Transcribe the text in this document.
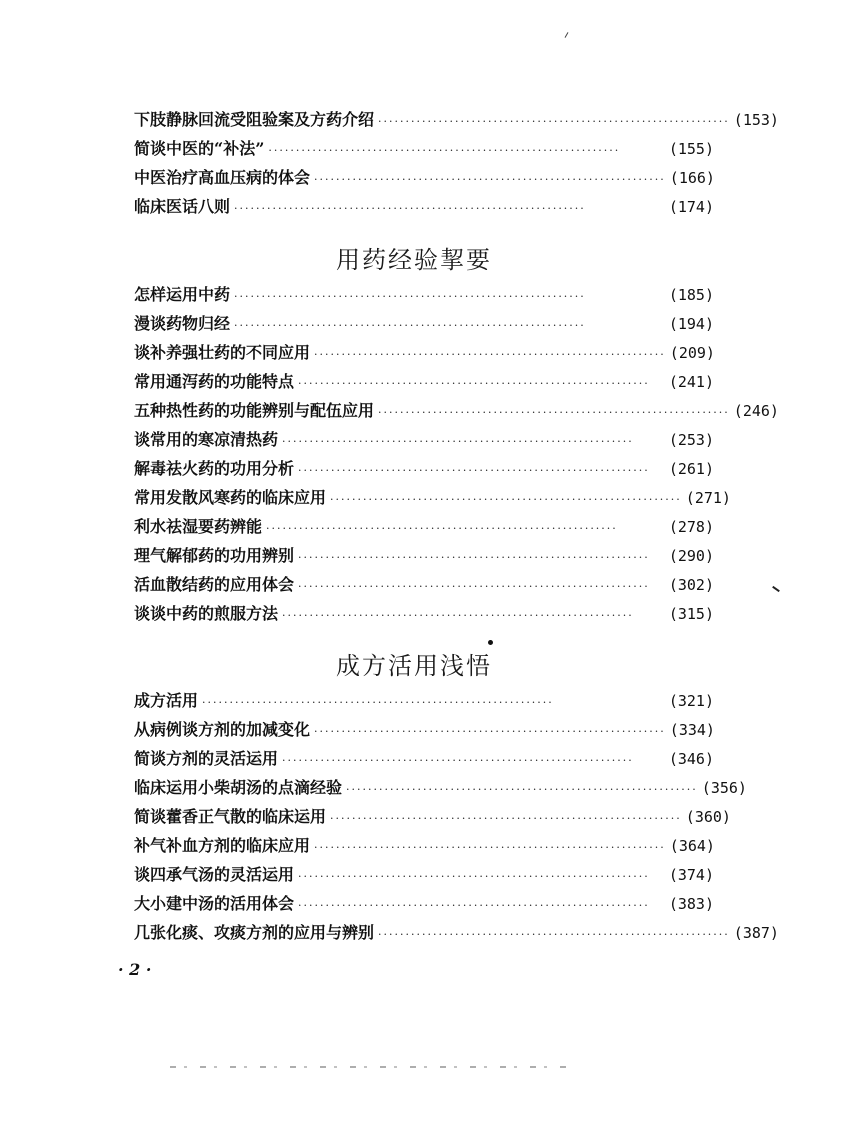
下肢静脉回流受阻验案及方药介绍 ································································ (153)
简谈中医的“补法” ································································	(155)
中医治疗高血压病的体会 ································································ (166)
临床医话八则 ································································	(174)
用药经验挈要
怎样运用中药 ································································	(185)
漫谈药物归经 ································································	(194)
谈补养强壮药的不同应用 ································································ (209)
常用通泻药的功能特点 ································································	(241)
五种热性药的功能辨别与配伍应用 ································································ (246)
谈常用的寒凉清热药 ································································	(253)
解毒祛火药的功用分析 ································································	(261)
常用发散风寒药的临床应用 ································································ (271)
利水祛湿要药辨能 ································································	(278)
理气解郁药的功用辨别 ································································	(290)
活血散结药的应用体会 ································································	(302)
谈谈中药的煎服方法 ································································	(315)
成方活用浅悟
成方活用 ································································	(321)
从病例谈方剂的加减变化 ································································ (334)
简谈方剂的灵活运用 ································································	(346)
临床运用小柴胡汤的点滴经验 ································································ (356)
简谈藿香正气散的临床运用 ································································ (360)
补气补血方剂的临床应用 ································································ (364)
谈四承气汤的灵活运用 ································································	(374)
大小建中汤的活用体会 ································································	(383)
几张化痰、攻痰方剂的应用与辨别 ································································ (387)
· 2 ·
